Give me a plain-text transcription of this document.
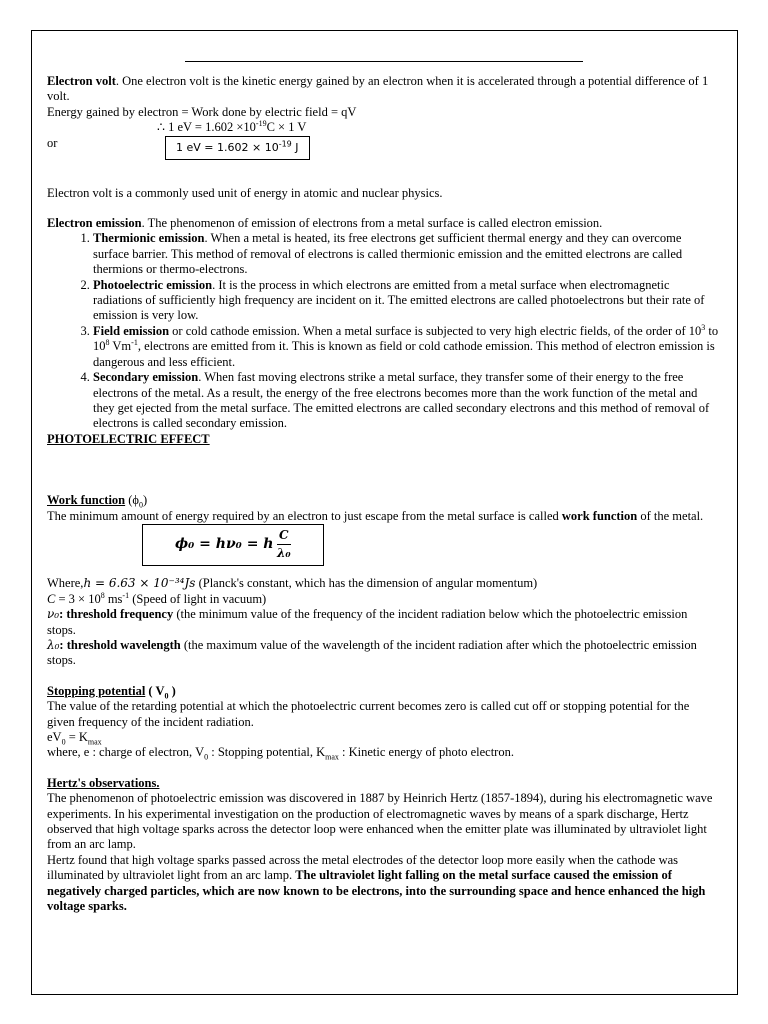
Electron volt. One electron volt is the kinetic energy gained by an electron when it is accelerated through a potential difference of 1 volt.

Energy gained by electron = Work done by electric field = qV

∴ 1 eV = $1.602 \times 10^{-19}C \times 1$ V

or	1 eV = $1.602 \times 10^{-19}$ J

Electron volt is a commonly used unit of energy in atomic and nuclear physics.

Electron emission. The phenomenon of emission of electrons from a metal surface is called electron emission.

1. Thermionic emission. When a metal is heated, its free electrons get sufficient thermal energy and they can overcome surface barrier. This method of removal of electrons is called thermionic emission and the emitted electrons are called thermions or thermo-electrons.
2. Photoelectric emission. It is the process in which electrons are emitted from a metal surface when electromagnetic radiations of sufficiently high frequency are incident on it. The emitted electrons are called photoelectrons but their rate of emission is very low.
3. Field emission or cold cathode emission. When a metal surface is subjected to very high electric fields, of the order of $10^3$ to $10^8$ $Vm^{-1}$, electrons are emitted from it. This is known as field or cold cathode emission. This method of electron emission is dangerous and less efficient.
4. Secondary emission. When fast moving electrons strike a metal surface, they transfer some of their energy to the free electrons of the metal. As a result, the energy of the free electrons becomes more than the work function of the metal and they get ejected from the metal surface. The emitted electrons are called secondary electrons and this method of removal of electrons is called secondary emission.

PHOTOELECTRIC EFFECT

Work function $(\phi_0)$

The minimum amount of energy required by an electron to just escape from the metal surface is called work function of the metal.

ϕ₀ = hν₀ = h $\frac{C}{\text{λ₀}}$

Where,h = 6.63 × 10⁻³⁴Js (Planck's constant, which has the dimension of angular momentum)

$C = 3 \times 10^8$ $ms^{-1}$ (Speed of light in vacuum)

ν₀: threshold frequency (the minimum value of the frequency of the incident radiation below which the photoelectric emission stops.

λ₀: threshold wavelength (the maximum value of the wavelength of the incident radiation after which the photoelectric emission stops.

Stopping potential ( $V_0$ )

The value of the retarding potential at which the photoelectric current becomes zero is called cut off or stopping potential for the given frequency of the incident radiation.

$eV_0 = K_{max}$

where, e : charge of electron, $V_0$ : Stopping potential, $K_{max}$ : Kinetic energy of photo electron.

Hertz's observations.

The phenomenon of photoelectric emission was discovered in 1887 by Heinrich Hertz (1857-1894), during his electromagnetic wave experiments. In his experimental investigation on the production of electromagnetic waves by means of a spark discharge, Hertz observed that high voltage sparks across the detector loop were enhanced when the emitter plate was illuminated by ultraviolet light from an arc lamp.

Hertz found that high voltage sparks passed across the metal electrodes of the detector loop more easily when the cathode was illuminated by ultraviolet light from an arc lamp. The ultraviolet light falling on the metal surface caused the emission of negatively charged particles, which are now known to be electrons, into the surrounding space and hence enhanced the high voltage sparks.
